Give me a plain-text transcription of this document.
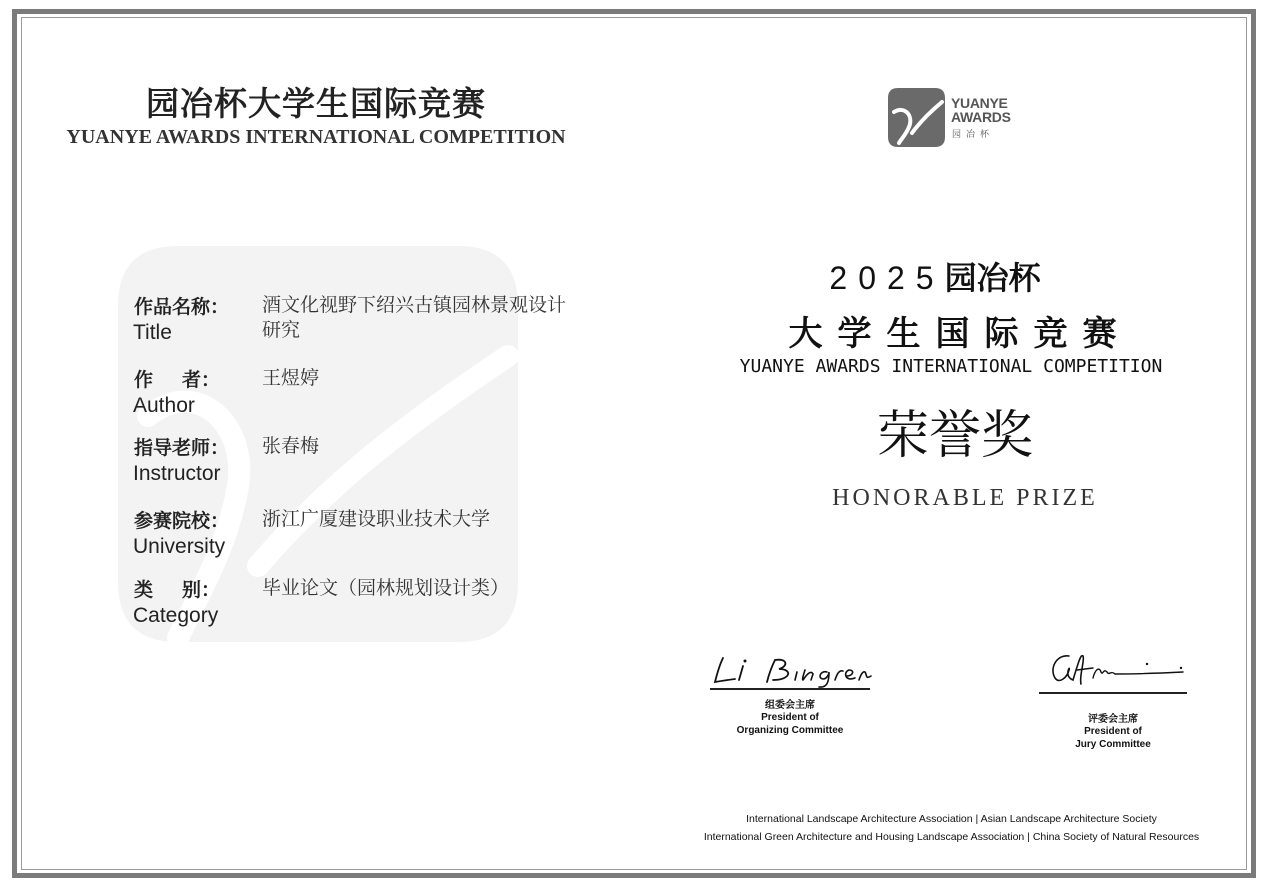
园冶杯大学生国际竞赛
YUANYE AWARDS INTERNATIONAL COMPETITION
YUANYE
AWARDS
园冶杯
作品名称：
Title
酒文化视野下绍兴古镇园林景观设计研究
作者：
Author
王煜婷
指导老师：
Instructor
张春梅
参赛院校：
University
浙江广厦建设职业技术大学
类别：
Category
毕业论文（园林规划设计类）
2025园冶杯
大学生国际竞赛
YUANYE AWARDS INTERNATIONAL COMPETITION
荣誉奖
HONORABLE PRIZE
组委会主席
President of
Organizing Committee
评委会主席
President of
Jury Committee
International Landscape Architecture Association | Asian Landscape Architecture Society
International Green Architecture and Housing Landscape Association | China Society of Natural Resources
